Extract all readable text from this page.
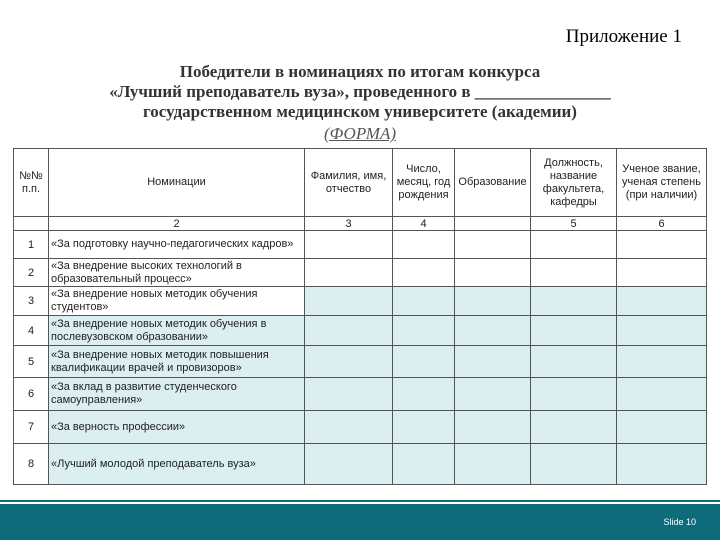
Приложение 1
Победители в номинациях по итогам конкурса
«Лучший преподаватель вуза», проведенного в ________________
государственном медицинском университете (академии)
(ФОРМА)
№№ п.п.	Номинации	Фамилия, имя, отчество	Число, месяц, год рождения	Образование	Должность, название факультета, кафедры	Ученое звание, ученая степень (при наличии)
	2	3	4		5	6
1	«За подготовку научно-педагогических кадров»					
2	«За внедрение высоких технологий в образовательный процесс»					
3	«За внедрение новых методик обучения студентов»					
4	«За внедрение новых методик обучения в послевузовском образовании»					
5	«За внедрение новых методик повышения квалификации врачей и провизоров»					
6	«За вклад в развитие студенческого самоуправления»					
7	«За верность профессии»					
8	«Лучший молодой преподаватель вуза»					
Slide 10
